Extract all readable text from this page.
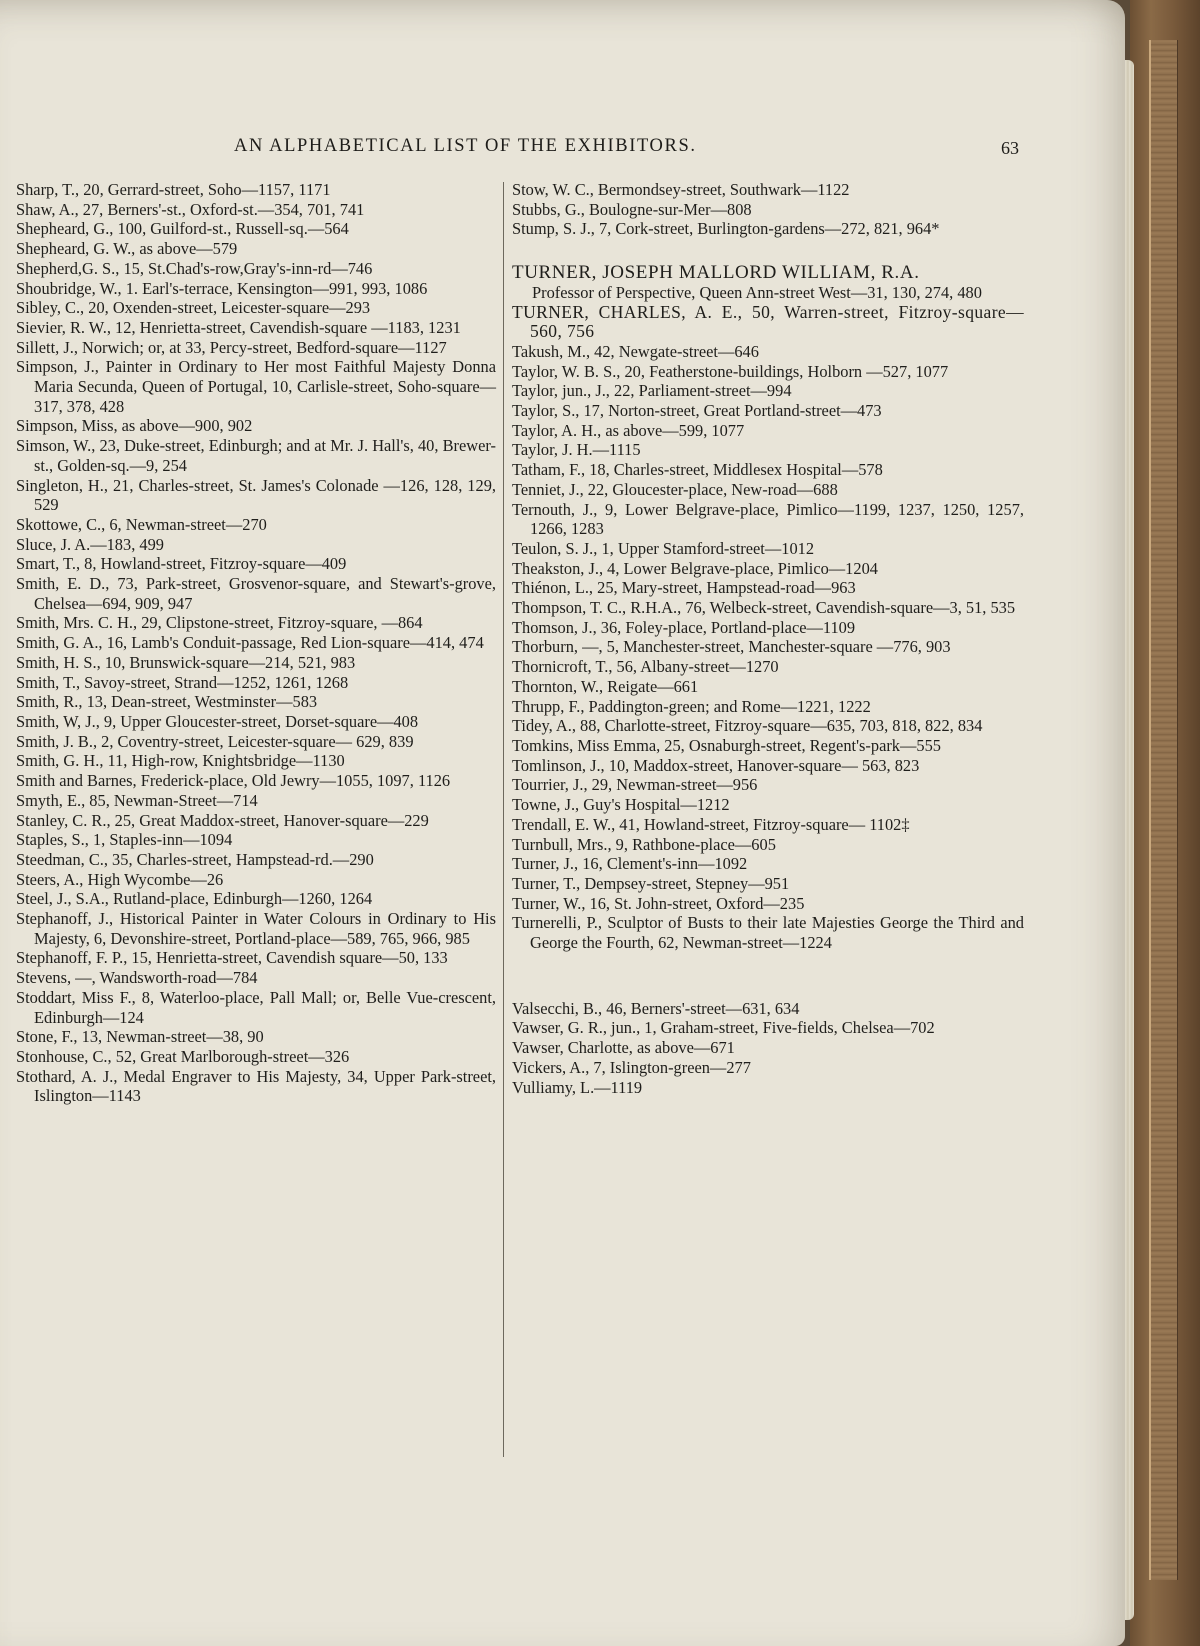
AN ALPHABETICAL LIST OF THE EXHIBITORS.	63

Sharp, T., 20, Gerrard-street, Soho—1157, 1171

Shaw, A., 27, Berners'-st., Oxford-st.—354, 701, 741

Shepheard, G., 100, Guilford-st., Russell-sq.—564

Shepheard, G. W., as above—579

Shepherd,G. S., 15, St.Chad's-row,Gray's-inn-rd—746

Shoubridge, W., 1. Earl's-terrace, Kensington—991, 993, 1086

Sibley, C., 20, Oxenden-street, Leicester-square—293

Sievier, R. W., 12, Henrietta-street, Cavendish-square —1183, 1231

Sillett, J., Norwich; or, at 33, Percy-street, Bedford-square—1127

Simpson, J., Painter in Ordinary to Her most Faithful Majesty Donna Maria Secunda, Queen of Portugal, 10, Carlisle-street, Soho-square—317, 378, 428

Simpson, Miss, as above—900, 902

Simson, W., 23, Duke-street, Edinburgh; and at Mr. J. Hall's, 40, Brewer-st., Golden-sq.—9, 254

Singleton, H., 21, Charles-street, St. James's Colonade —126, 128, 129, 529

Skottowe, C., 6, Newman-street—270

Sluce, J. A.—183, 499

Smart, T., 8, Howland-street, Fitzroy-square—409

Smith, E. D., 73, Park-street, Grosvenor-square, and Stewart's-grove, Chelsea—694, 909, 947

Smith, Mrs. C. H., 29, Clipstone-street, Fitzroy-square, —864

Smith, G. A., 16, Lamb's Conduit-passage, Red Lion-square—414, 474

Smith, H. S., 10, Brunswick-square—214, 521, 983

Smith, T., Savoy-street, Strand—1252, 1261, 1268

Smith, R., 13, Dean-street, Westminster—583

Smith, W, J., 9, Upper Gloucester-street, Dorset-square—408

Smith, J. B., 2, Coventry-street, Leicester-square— 629, 839

Smith, G. H., 11, High-row, Knightsbridge—1130

Smith and Barnes, Frederick-place, Old Jewry—1055, 1097, 1126

Smyth, E., 85, Newman-Street—714

Stanley, C. R., 25, Great Maddox-street, Hanover-square—229

Staples, S., 1, Staples-inn—1094

Steedman, C., 35, Charles-street, Hampstead-rd.—290

Steers, A., High Wycombe—26

Steel, J., S.A., Rutland-place, Edinburgh—1260, 1264

Stephanoff, J., Historical Painter in Water Colours in Ordinary to His Majesty, 6, Devonshire-street, Portland-place—589, 765, 966, 985

Stephanoff, F. P., 15, Henrietta-street, Cavendish square—50, 133

Stevens, —, Wandsworth-road—784

Stoddart, Miss F., 8, Waterloo-place, Pall Mall; or, Belle Vue-crescent, Edinburgh—124

Stone, F., 13, Newman-street—38, 90

Stonhouse, C., 52, Great Marlborough-street—326

Stothard, A. J., Medal Engraver to His Majesty, 34, Upper Park-street, Islington—1143

Stow, W. C., Bermondsey-street, Southwark—1122

Stubbs, G., Boulogne-sur-Mer—808

Stump, S. J., 7, Cork-street, Burlington-gardens—272, 821, 964*

TURNER, JOSEPH MALLORD WILLIAM, R.A.

Professor of Perspective, Queen Ann-street West—31, 130, 274, 480

TURNER, CHARLES, A. E., 50, Warren-street, Fitzroy-square—560, 756

Takush, M., 42, Newgate-street—646

Taylor, W. B. S., 20, Featherstone-buildings, Holborn —527, 1077

Taylor, jun., J., 22, Parliament-street—994

Taylor, S., 17, Norton-street, Great Portland-street—473

Taylor, A. H., as above—599, 1077

Taylor, J. H.—1115

Tatham, F., 18, Charles-street, Middlesex Hospital—578

Tenniet, J., 22, Gloucester-place, New-road—688

Ternouth, J., 9, Lower Belgrave-place, Pimlico—1199, 1237, 1250, 1257, 1266, 1283

Teulon, S. J., 1, Upper Stamford-street—1012

Theakston, J., 4, Lower Belgrave-place, Pimlico—1204

Thiénon, L., 25, Mary-street, Hampstead-road—963

Thompson, T. C., R.H.A., 76, Welbeck-street, Cavendish-square—3, 51, 535

Thomson, J., 36, Foley-place, Portland-place—1109

Thorburn, —, 5, Manchester-street, Manchester-square —776, 903

Thornicroft, T., 56, Albany-street—1270

Thornton, W., Reigate—661

Thrupp, F., Paddington-green; and Rome—1221, 1222

Tidey, A., 88, Charlotte-street, Fitzroy-square—635, 703, 818, 822, 834

Tomkins, Miss Emma, 25, Osnaburgh-street, Regent's-park—555

Tomlinson, J., 10, Maddox-street, Hanover-square— 563, 823

Tourrier, J., 29, Newman-street—956

Towne, J., Guy's Hospital—1212

Trendall, E. W., 41, Howland-street, Fitzroy-square— 1102‡

Turnbull, Mrs., 9, Rathbone-place—605

Turner, J., 16, Clement's-inn—1092

Turner, T., Dempsey-street, Stepney—951

Turner, W., 16, St. John-street, Oxford—235

Turnerelli, P., Sculptor of Busts to their late Majesties George the Third and George the Fourth, 62, Newman-street—1224

Valsecchi, B., 46, Berners'-street—631, 634

Vawser, G. R., jun., 1, Graham-street, Five-fields, Chelsea—702

Vawser, Charlotte, as above—671

Vickers, A., 7, Islington-green—277

Vulliamy, L.—1119
